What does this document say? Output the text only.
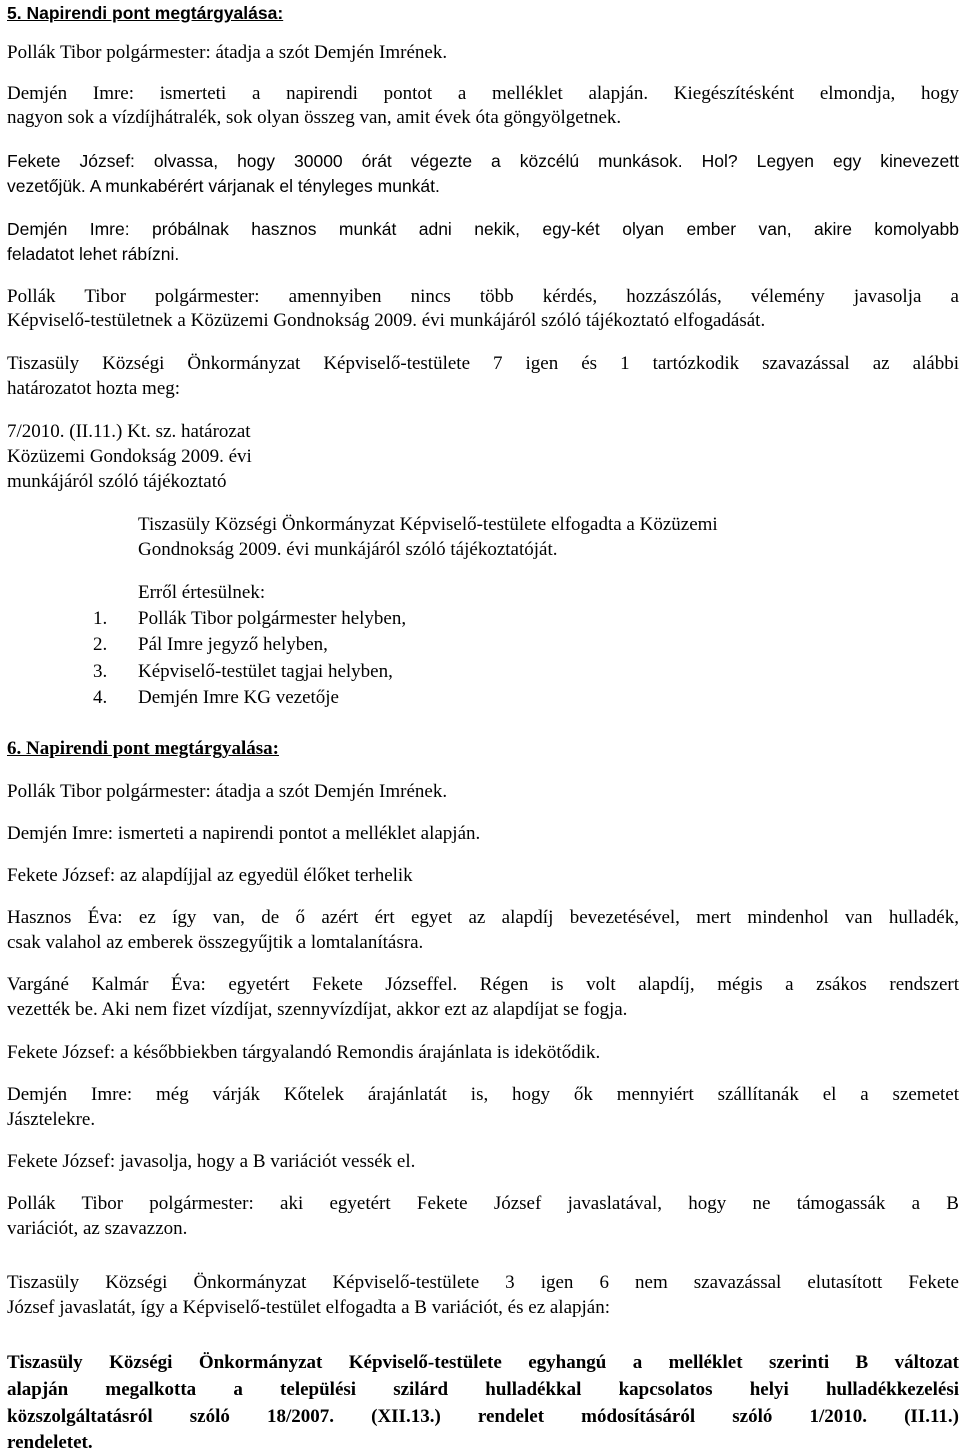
5. Napirendi pont megtárgyalása:
Pollák Tibor polgármester: átadja a szót Demjén Imrének.
Demjén Imre: ismerteti a napirendi pontot a melléklet alapján. Kiegészítésként elmondja, hogy
nagyon sok a vízdíjhátralék, sok olyan összeg van, amit évek óta göngyölgetnek.
Fekete József: olvassa, hogy 30000 órát végezte a közcélú munkások. Hol? Legyen egy kinevezett
vezetőjük. A munkabérért várjanak el tényleges munkát.
Demjén Imre: próbálnak hasznos munkát adni nekik, egy-két olyan ember van, akire komolyabb
feladatot lehet rábízni.
Pollák Tibor polgármester: amennyiben nincs több kérdés, hozzászólás, vélemény javasolja a
Képviselő-testületnek a Közüzemi Gondnokság 2009. évi munkájáról szóló tájékoztató elfogadását.
Tiszasüly Községi Önkormányzat Képviselő-testülete 7 igen és 1 tartózkodik szavazással az alábbi
határozatot hozta meg:
7/2010. (II.11.) Kt. sz. határozat
Közüzemi Gondokság 2009. évi
munkájáról szóló tájékoztató
Tiszasüly Községi Önkormányzat Képviselő-testülete elfogadta a Közüzemi
Gondnokság 2009. évi munkájáról szóló tájékoztatóját.
Erről értesülnek:
1. Pollák Tibor polgármester helyben,
2. Pál Imre jegyző helyben,
3. Képviselő-testület tagjai helyben,
4. Demjén Imre KG vezetője
6. Napirendi pont megtárgyalása:
Pollák Tibor polgármester: átadja a szót Demjén Imrének.
Demjén Imre: ismerteti a napirendi pontot a melléklet alapján.
Fekete József: az alapdíjjal az egyedül élőket terhelik
Hasznos Éva: ez így van, de ő azért ért egyet az alapdíj bevezetésével, mert mindenhol van hulladék,
csak valahol az emberek összegyűjtik a lomtalanításra.
Vargáné Kalmár Éva: egyetért Fekete Józseffel. Régen is volt alapdíj, mégis a zsákos rendszert
vezették be. Aki nem fizet vízdíjat, szennyvízdíjat, akkor ezt az alapdíjat se fogja.
Fekete József: a későbbiekben tárgyalandó Remondis árajánlata is idekötődik.
Demjén Imre: még várják Kőtelek árajánlatát is, hogy ők mennyiért szállítanák el a szemetet
Jásztelekre.
Fekete József: javasolja, hogy a B variációt vessék el.
Pollák Tibor polgármester: aki egyetért Fekete József javaslatával, hogy ne támogassák a B
variációt, az szavazzon.
Tiszasüly Községi Önkormányzat Képviselő-testülete 3 igen 6 nem szavazással elutasított Fekete
József javaslatát, így a Képviselő-testület elfogadta a B variációt, és ez alapján:
Tiszasüly Községi Önkormányzat Képviselő-testülete egyhangú a melléklet szerinti B változat
alapján megalkotta a települési szilárd hulladékkal kapcsolatos helyi hulladékkezelési
közszolgáltatásról szóló 18/2007. (XII.13.) rendelet módosításáról szóló 1/2010. (II.11.)
rendeletet.
